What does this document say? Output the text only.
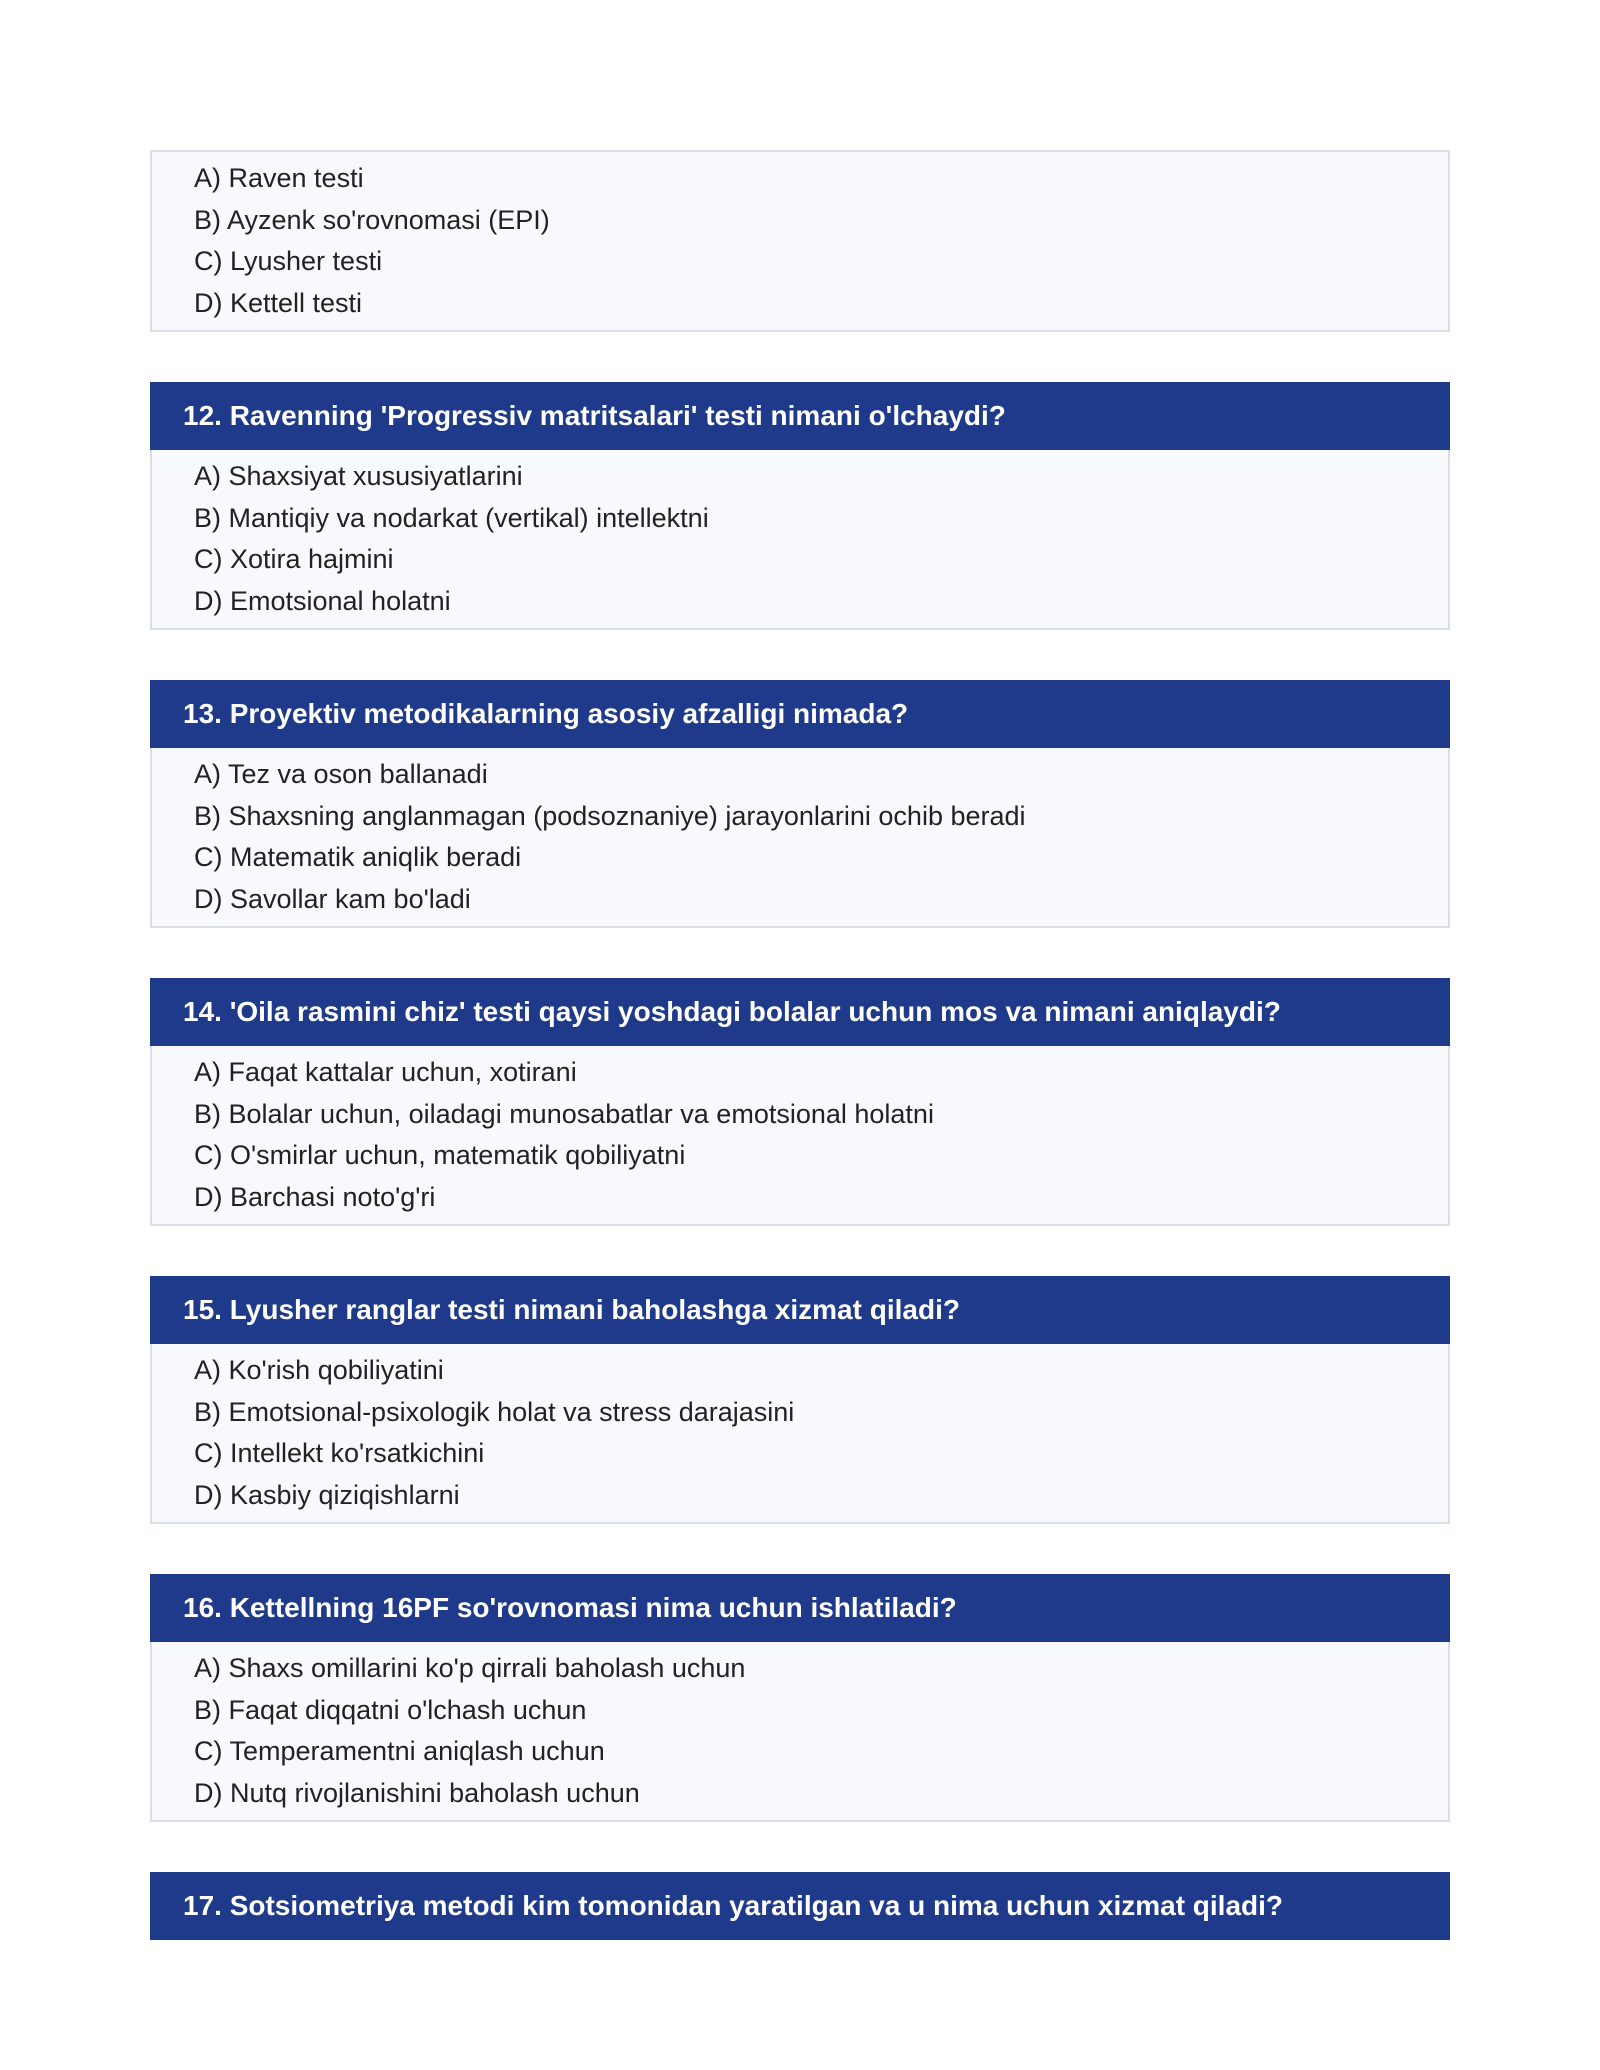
A) Raven testi
B) Ayzenk so'rovnomasi (EPI)
C) Lyusher testi
D) Kettell testi
12. Ravenning 'Progressiv matritsalari' testi nimani o'lchaydi?
A) Shaxsiyat xususiyatlarini
B) Mantiqiy va nodarkat (vertikal) intellektni
C) Xotira hajmini
D) Emotsional holatni
13. Proyektiv metodikalarning asosiy afzalligi nimada?
A) Tez va oson ballanadi
B) Shaxsning anglanmagan (podsoznaniye) jarayonlarini ochib beradi
C) Matematik aniqlik beradi
D) Savollar kam bo'ladi
14. 'Oila rasmini chiz' testi qaysi yoshdagi bolalar uchun mos va nimani aniqlaydi?
A) Faqat kattalar uchun, xotirani
B) Bolalar uchun, oiladagi munosabatlar va emotsional holatni
C) O'smirlar uchun, matematik qobiliyatni
D) Barchasi noto'g'ri
15. Lyusher ranglar testi nimani baholashga xizmat qiladi?
A) Ko'rish qobiliyatini
B) Emotsional-psixologik holat va stress darajasini
C) Intellekt ko'rsatkichini
D) Kasbiy qiziqishlarni
16. Kettellning 16PF so'rovnomasi nima uchun ishlatiladi?
A) Shaxs omillarini ko'p qirrali baholash uchun
B) Faqat diqqatni o'lchash uchun
C) Temperamentni aniqlash uchun
D) Nutq rivojlanishini baholash uchun
17. Sotsiometriya metodi kim tomonidan yaratilgan va u nima uchun xizmat qiladi?
